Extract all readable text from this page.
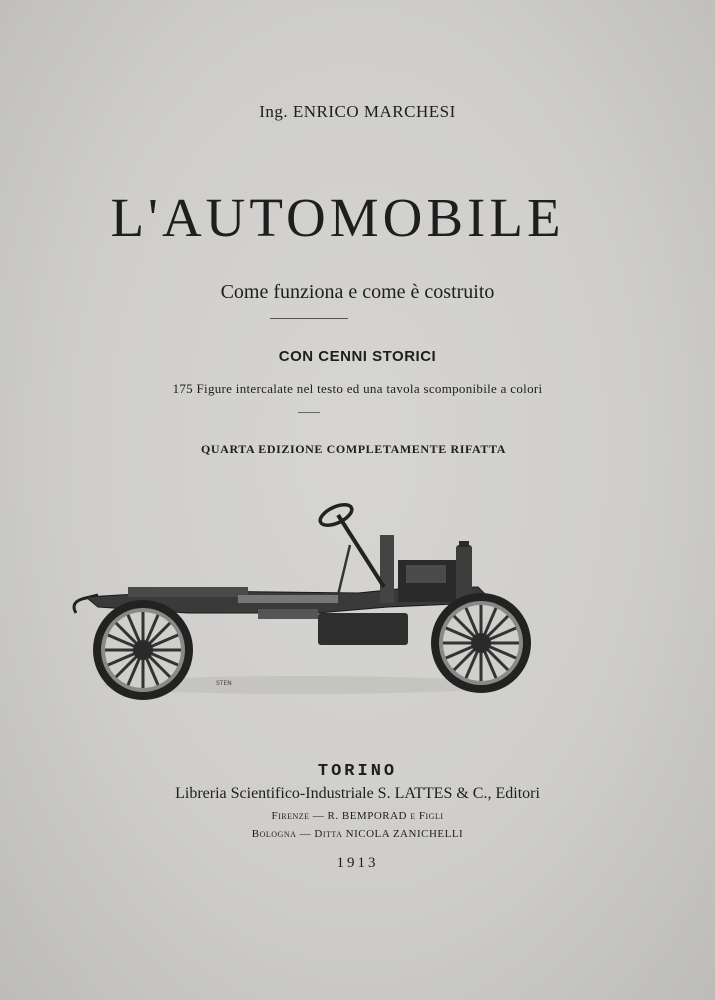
Ing. ENRICO MARCHESI

L'AUTOMOBILE

Come funziona e come è costruito

CON CENNI STORICI

175 Figure intercalate nel testo ed una tavola scomponibile a colori

QUARTA EDIZIONE COMPLETAMENTE RIFATTA

STEN

TORINO

Libreria Scientifico-Industriale S. LATTES & C., Editori

Firenze — R. BEMPORAD e Figli

Bologna — Ditta NICOLA ZANICHELLI

1913
